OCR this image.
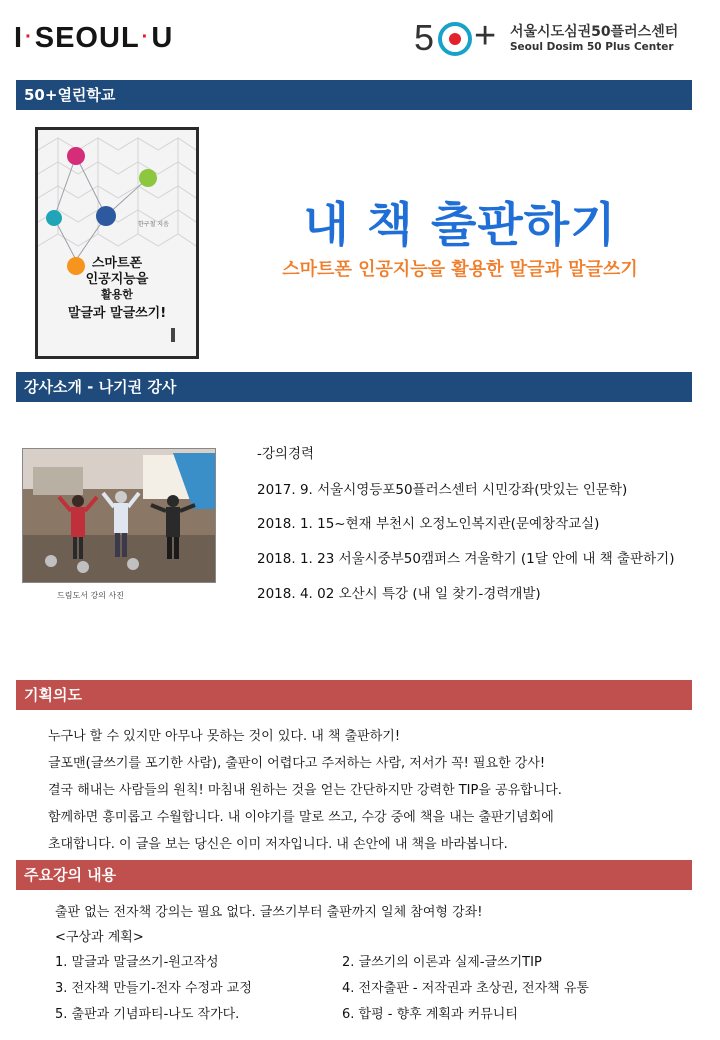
I ·SEOUL ·U	5 + 서울시도심권50플러스센터
Seoul Dosim 50 Plus Center
50+열린학교
한구철 지음
스마트폰
인공지능을
활용한
말글과 말글쓰기!
내 책 출판하기
스마트폰 인공지능을 활용한 말글과 말글쓰기
강사소개 - 나기권 강사
드림도서 강의 사진
-강의경력
2017. 9. 서울시영등포50플러스센터 시민강좌(맛있는 인문학)
2018. 1. 15~현재 부천시 오정노인복지관(문예창작교실)
2018. 1. 23 서울시중부50캠퍼스 겨울학기 (1달 안에 내 책 출판하기)
2018. 4. 02 오산시 특강 (내 일 찾기-경력개발)
기획의도
누구나 할 수 있지만 아무나 못하는 것이 있다. 내 책 출판하기!
글포맨(글쓰기를 포기한 사람), 출판이 어렵다고 주저하는 사람, 저서가 꼭! 필요한 강사!
결국 해내는 사람들의 원칙! 마침내 원하는 것을 얻는 간단하지만 강력한 TIP을 공유합니다.
함께하면 흥미롭고 수월합니다. 내 이야기를 말로 쓰고, 수강 중에 책을 내는 출판기념회에
초대합니다. 이 글을 보는 당신은 이미 저자입니다. 내 손안에 내 책을 바라봅니다.
주요강의 내용
출판 없는 전자책 강의는 필요 없다. 글쓰기부터 출판까지 일체 참여형 강좌!
<구상과 계획>
1. 말글과 말글쓰기-원고작성
3. 전자책 만들기-전자 수정과 교정
5. 출판과 기념파티-나도 작가다.
2. 글쓰기의 이론과 실제-글쓰기TIP
4. 전자출판 - 저작권과 초상권, 전자책 유통
6. 합평 - 향후 계획과 커뮤니티
